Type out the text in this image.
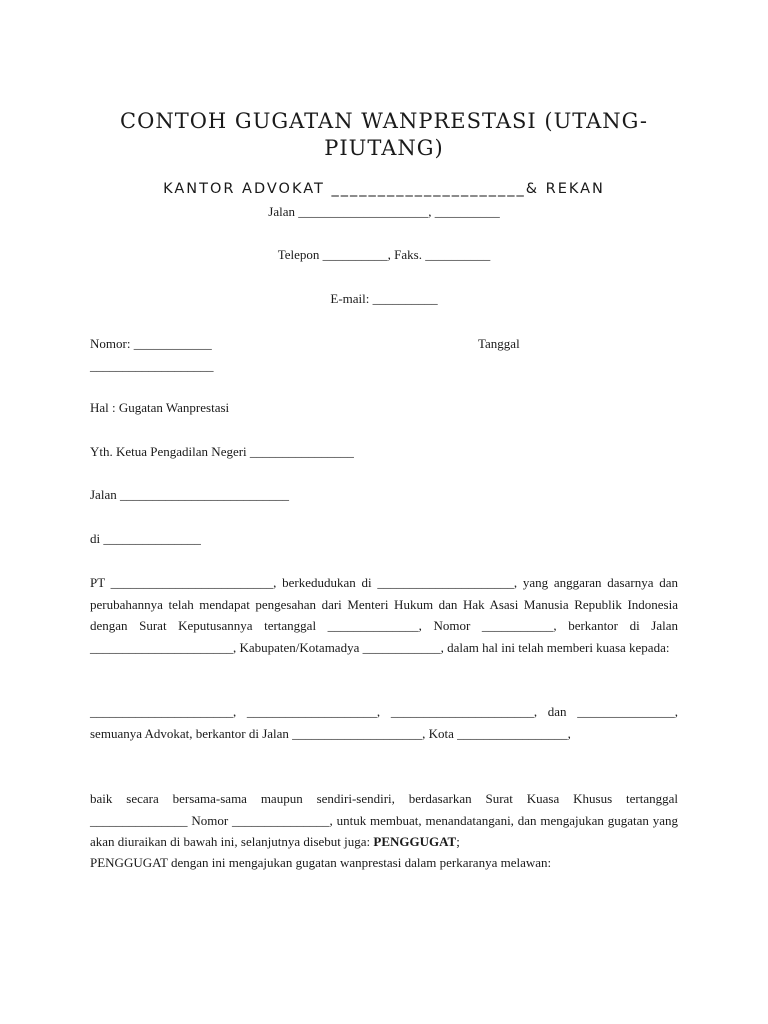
CONTOH GUGATAN WANPRESTASI (UTANG-PIUTANG)
KANTOR ADVOKAT _____________________& REKAN
Jalan ____________________, __________
Telepon __________, Faks. __________
E-mail: __________
Nomor: ____________	Tanggal
___________________
Hal : Gugatan Wanprestasi
Yth. Ketua Pengadilan Negeri ________________
Jalan __________________________
di _______________
PT _________________________, berkedudukan di _____________________, yang anggaran dasarnya dan perubahannya telah mendapat pengesahan dari Menteri Hukum dan Hak Asasi Manusia Republik Indonesia dengan Surat Keputusannya tertanggal ______________, Nomor ___________, berkantor di Jalan ______________________, Kabupaten/Kotamadya ____________, dalam hal ini telah memberi kuasa kepada:
______________________, ____________________, ______________________, dan _______________, semuanya Advokat, berkantor di Jalan ____________________, Kota _________________,
baik secara bersama-sama maupun sendiri-sendiri, berdasarkan Surat Kuasa Khusus tertanggal _______________ Nomor _______________, untuk membuat, menandatangani, dan mengajukan gugatan yang akan diuraikan di bawah ini, selanjutnya disebut juga: PENGGUGAT;
PENGGUGAT dengan ini mengajukan gugatan wanprestasi dalam perkaranya melawan:
